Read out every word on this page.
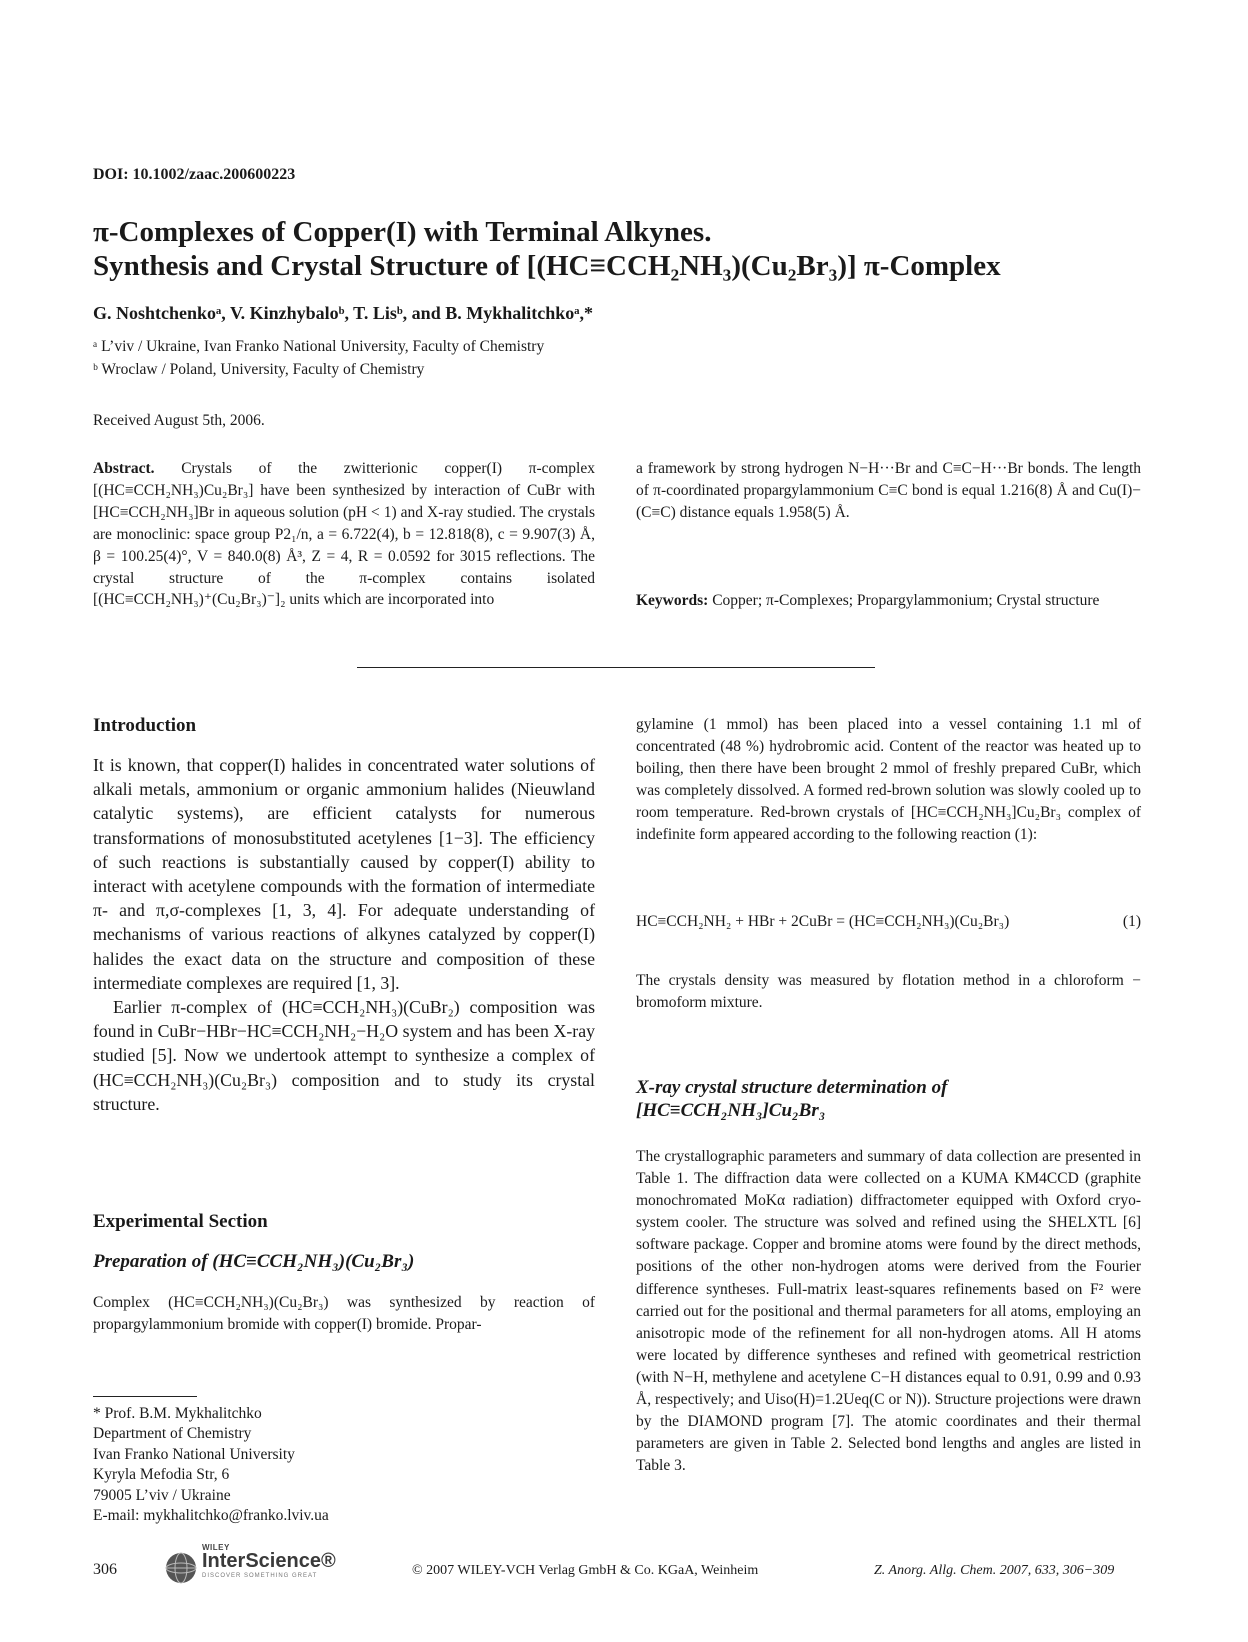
DOI: 10.1002/zaac.200600223
π-Complexes of Copper(I) with Terminal Alkynes.
Synthesis and Crystal Structure of [(HC≡CCH₂NH₃)(Cu₂Br₃)] π-Complex
G. Noshtchenkoᵃ, V. Kinzhybaloᵇ, T. Lisᵇ, and B. Mykhalitchkoᵃ,*
ᵃ L’viv / Ukraine, Ivan Franko National University, Faculty of Chemistry
ᵇ Wroclaw / Poland, University, Faculty of Chemistry
Received August 5th, 2006.
Abstract. Crystals of the zwitterionic copper(I) π-complex [(HC≡CCH₂NH₃)Cu₂Br₃] have been synthesized by interaction of CuBr with [HC≡CCH₂NH₃]Br in aqueous solution (pH < 1) and X-ray studied. The crystals are monoclinic: space group P2₁/n, a = 6.722(4), b = 12.818(8), c = 9.907(3) Å, β = 100.25(4)°, V = 840.0(8) Å³, Z = 4, R = 0.0592 for 3015 reflections. The crystal structure of the π-complex contains isolated [(HC≡CCH₂NH₃)⁺(Cu₂Br₃)⁻]₂ units which are incorporated into
a framework by strong hydrogen N−H···Br and C≡C−H···Br bonds. The length of π-coordinated propargylammonium C≡C bond is equal 1.216(8) Å and Cu(I)−(C≡C) distance equals 1.958(5) Å.
Keywords: Copper; π-Complexes; Propargylammonium; Crystal structure
Introduction

It is known, that copper(I) halides in concentrated water solutions of alkali metals, ammonium or organic ammonium halides (Nieuwland catalytic systems), are efficient catalysts for numerous transformations of monosubstituted acetylenes [1−3]. The efficiency of such reactions is substantially caused by copper(I) ability to interact with acetylene compounds with the formation of intermediate π- and π,σ-complexes [1, 3, 4]. For adequate understanding of mechanisms of various reactions of alkynes catalyzed by copper(I) halides the exact data on the structure and composition of these intermediate complexes are required [1, 3].

Earlier π-complex of (HC≡CCH₂NH₃)(CuBr₂) composition was found in CuBr−HBr−HC≡CCH₂NH₂−H₂O system and has been X-ray studied [5]. Now we undertook attempt to synthesize a complex of (HC≡CCH₂NH₃)(Cu₂Br₃) composition and to study its crystal structure.

Experimental Section
Preparation of (HC≡CCH₂NH₃)(Cu₂Br₃)
Complex (HC≡CCH₂NH₃)(Cu₂Br₃) was synthesized by reaction of propargylammonium bromide with copper(I) bromide. Propar-
* Prof. B.M. Mykhalitchko
Department of Chemistry
Ivan Franko National University
Kyryla Mefodia Str, 6
79005 L’viv / Ukraine
E-mail: mykhalitchko@franko.lviv.ua
gylamine (1 mmol) has been placed into a vessel containing 1.1 ml of concentrated (48 %) hydrobromic acid. Content of the reactor was heated up to boiling, then there have been brought 2 mmol of freshly prepared CuBr, which was completely dissolved. A formed red-brown solution was slowly cooled up to room temperature. Red-brown crystals of [HC≡CCH₂NH₃]Cu₂Br₃ complex of indefinite form appeared according to the following reaction (1):
HC≡CCH₂NH₂ + HBr + 2CuBr = (HC≡CCH₂NH₃)(Cu₂Br₃)	(1)
The crystals density was measured by flotation method in a chloroform − bromoform mixture.
X-ray crystal structure determination of
[HC≡CCH₂NH₃]Cu₂Br₃
The crystallographic parameters and summary of data collection are presented in Table 1. The diffraction data were collected on a KUMA KM4CCD (graphite monochromated MoKα radiation) diffractometer equipped with Oxford cryo-system cooler. The structure was solved and refined using the SHELXTL [6] software package. Copper and bromine atoms were found by the direct methods, positions of the other non-hydrogen atoms were derived from the Fourier difference syntheses. Full-matrix least-squares refinements based on F² were carried out for the positional and thermal parameters for all atoms, employing an anisotropic mode of the refinement for all non-hydrogen atoms. All H atoms were located by difference syntheses and refined with geometrical restriction (with N−H, methylene and acetylene C−H distances equal to 0.91, 0.99 and 0.93 Å, respectively; and Uiso(H)=1.2Ueq(C or N)). Structure projections were drawn by the DIAMOND program [7]. The atomic coordinates and their thermal parameters are given in Table 2. Selected bond lengths and angles are listed in Table 3.
306
WILEY
InterScience®
DISCOVER SOMETHING GREAT	© 2007 WILEY-VCH Verlag GmbH & Co. KGaA, Weinheim	Z. Anorg. Allg. Chem. 2007, 633, 306−309
